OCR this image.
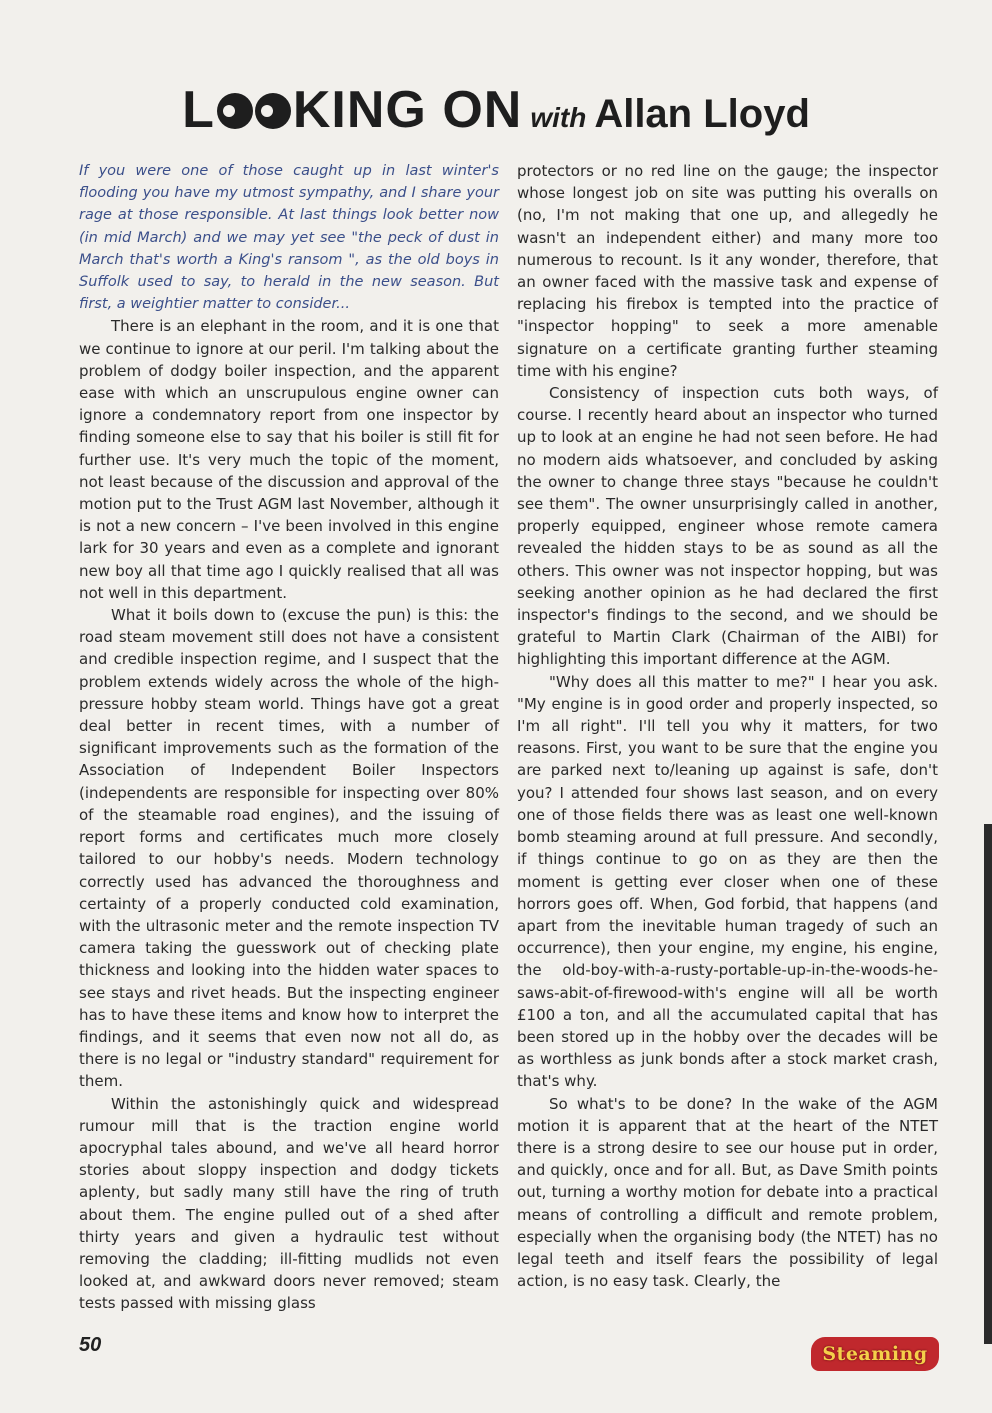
L KING ON with Allan Lloyd

If you were one of those caught up in last winter's flooding you have my utmost sympathy, and I share your rage at those responsible. At last things look better now (in mid March) and we may yet see "the peck of dust in March that's worth a King's ransom ", as the old boys in Suffolk used to say, to herald in the new season. But first, a weightier matter to consider...

There is an elephant in the room, and it is one that we continue to ignore at our peril. I'm talking about the problem of dodgy boiler inspection, and the apparent ease with which an unscrupulous engine owner can ignore a condemnatory report from one inspector by finding someone else to say that his boiler is still fit for further use. It's very much the topic of the moment, not least because of the discussion and approval of the motion put to the Trust AGM last November, although it is not a new concern – I've been involved in this engine lark for 30 years and even as a complete and ignorant new boy all that time ago I quickly realised that all was not well in this department.

What it boils down to (excuse the pun) is this: the road steam movement still does not have a consistent and credible inspection regime, and I suspect that the problem extends widely across the whole of the high-pressure hobby steam world. Things have got a great deal better in recent times, with a number of significant improvements such as the formation of the Association of Independent Boiler Inspectors (independents are responsible for inspecting over 80% of the steamable road engines), and the issuing of report forms and certificates much more closely tailored to our hobby's needs. Modern technology correctly used has advanced the thoroughness and certainty of a properly conducted cold examination, with the ultrasonic meter and the remote inspection TV camera taking the guesswork out of checking plate thickness and looking into the hidden water spaces to see stays and rivet heads. But the inspecting engineer has to have these items and know how to interpret the findings, and it seems that even now not all do, as there is no legal or "industry standard" requirement for them.

Within the astonishingly quick and widespread rumour mill that is the traction engine world apocryphal tales abound, and we've all heard horror stories about sloppy inspection and dodgy tickets aplenty, but sadly many still have the ring of truth about them. The engine pulled out of a shed after thirty years and given a hydraulic test without removing the cladding; ill-fitting mudlids not even looked at, and awkward doors never removed; steam tests passed with missing glass

protectors or no red line on the gauge; the inspector whose longest job on site was putting his overalls on (no, I'm not making that one up, and allegedly he wasn't an independent either) and many more too numerous to recount. Is it any wonder, therefore, that an owner faced with the massive task and expense of replacing his firebox is tempted into the practice of "inspector hopping" to seek a more amenable signature on a certificate granting further steaming time with his engine?

Consistency of inspection cuts both ways, of course. I recently heard about an inspector who turned up to look at an engine he had not seen before. He had no modern aids whatsoever, and concluded by asking the owner to change three stays "because he couldn't see them". The owner unsurprisingly called in another, properly equipped, engineer whose remote camera revealed the hidden stays to be as sound as all the others. This owner was not inspector hopping, but was seeking another opinion as he had declared the first inspector's findings to the second, and we should be grateful to Martin Clark (Chairman of the AIBI) for highlighting this important difference at the AGM.

"Why does all this matter to me?" I hear you ask. "My engine is in good order and properly inspected, so I'm all right". I'll tell you why it matters, for two reasons. First, you want to be sure that the engine you are parked next to/leaning up against is safe, don't you? I attended four shows last season, and on every one of those fields there was as least one well-known bomb steaming around at full pressure. And secondly, if things continue to go on as they are then the moment is getting ever closer when one of these horrors goes off. When, God forbid, that happens (and apart from the inevitable human tragedy of such an occurrence), then your engine, my engine, his engine, the old-boy-with-a-rusty-portable-up-in-the-woods-he-saws-abit-of-firewood-with's engine will all be worth £100 a ton, and all the accumulated capital that has been stored up in the hobby over the decades will be as worthless as junk bonds after a stock market crash, that's why.

So what's to be done? In the wake of the AGM motion it is apparent that at the heart of the NTET there is a strong desire to see our house put in order, and quickly, once and for all. But, as Dave Smith points out, turning a worthy motion for debate into a practical means of controlling a difficult and remote problem, especially when the organising body (the NTET) has no legal teeth and itself fears the possibility of legal action, is no easy task. Clearly, the

50	Steaming
